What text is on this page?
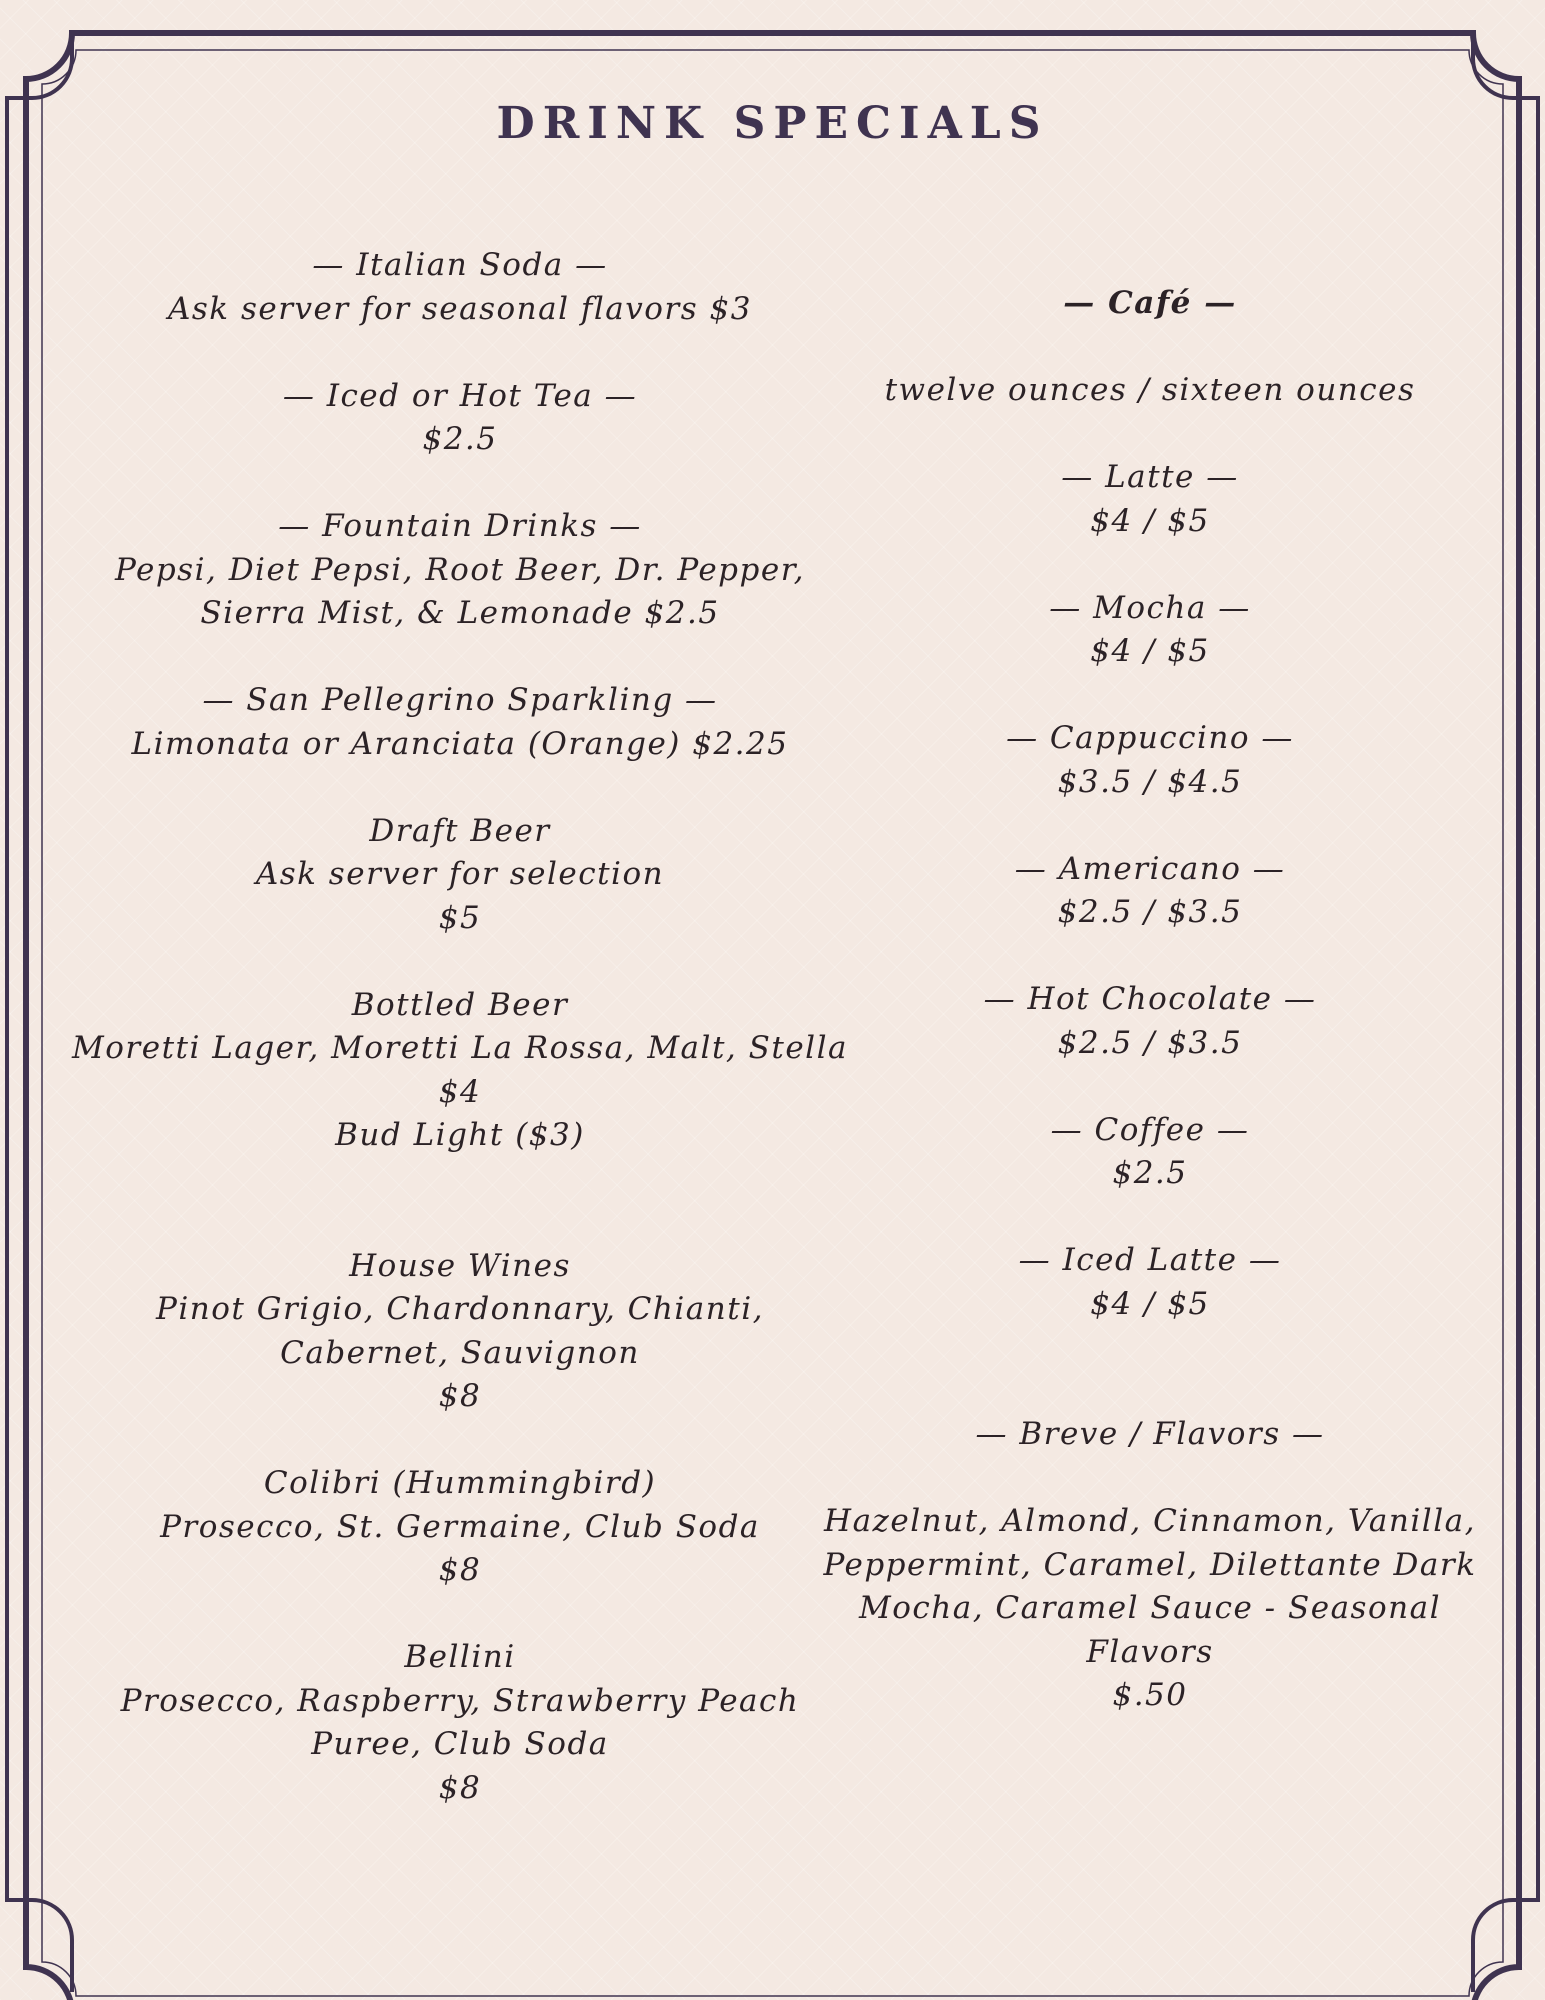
DRINK SPECIALS
— Italian Soda —
Ask server for seasonal flavors $3
— Iced or Hot Tea —
$2.5
— Fountain Drinks —
Pepsi, Diet Pepsi, Root Beer, Dr. Pepper,
Sierra Mist, & Lemonade $2.5
— San Pellegrino Sparkling —
Limonata or Aranciata (Orange) $2.25
Draft Beer
Ask server for selection
$5
Bottled Beer
Moretti Lager, Moretti La Rossa, Malt, Stella
$4
Bud Light ($3)
House Wines
Pinot Grigio, Chardonnary, Chianti,
Cabernet, Sauvignon
$8
Colibri (Hummingbird)
Prosecco, St. Germaine, Club Soda
$8
Bellini
Prosecco, Raspberry, Strawberry Peach
Puree, Club Soda
$8
— Café —
twelve ounces / sixteen ounces
— Latte —
$4 / $5
— Mocha —
$4 / $5
— Cappuccino —
$3.5 / $4.5
— Americano —
$2.5 / $3.5
— Hot Chocolate —
$2.5 / $3.5
— Coffee —
$2.5
— Iced Latte —
$4 / $5
— Breve / Flavors —
Hazelnut, Almond, Cinnamon, Vanilla,
Peppermint, Caramel, Dilettante Dark
Mocha, Caramel Sauce - Seasonal
Flavors
$.50
